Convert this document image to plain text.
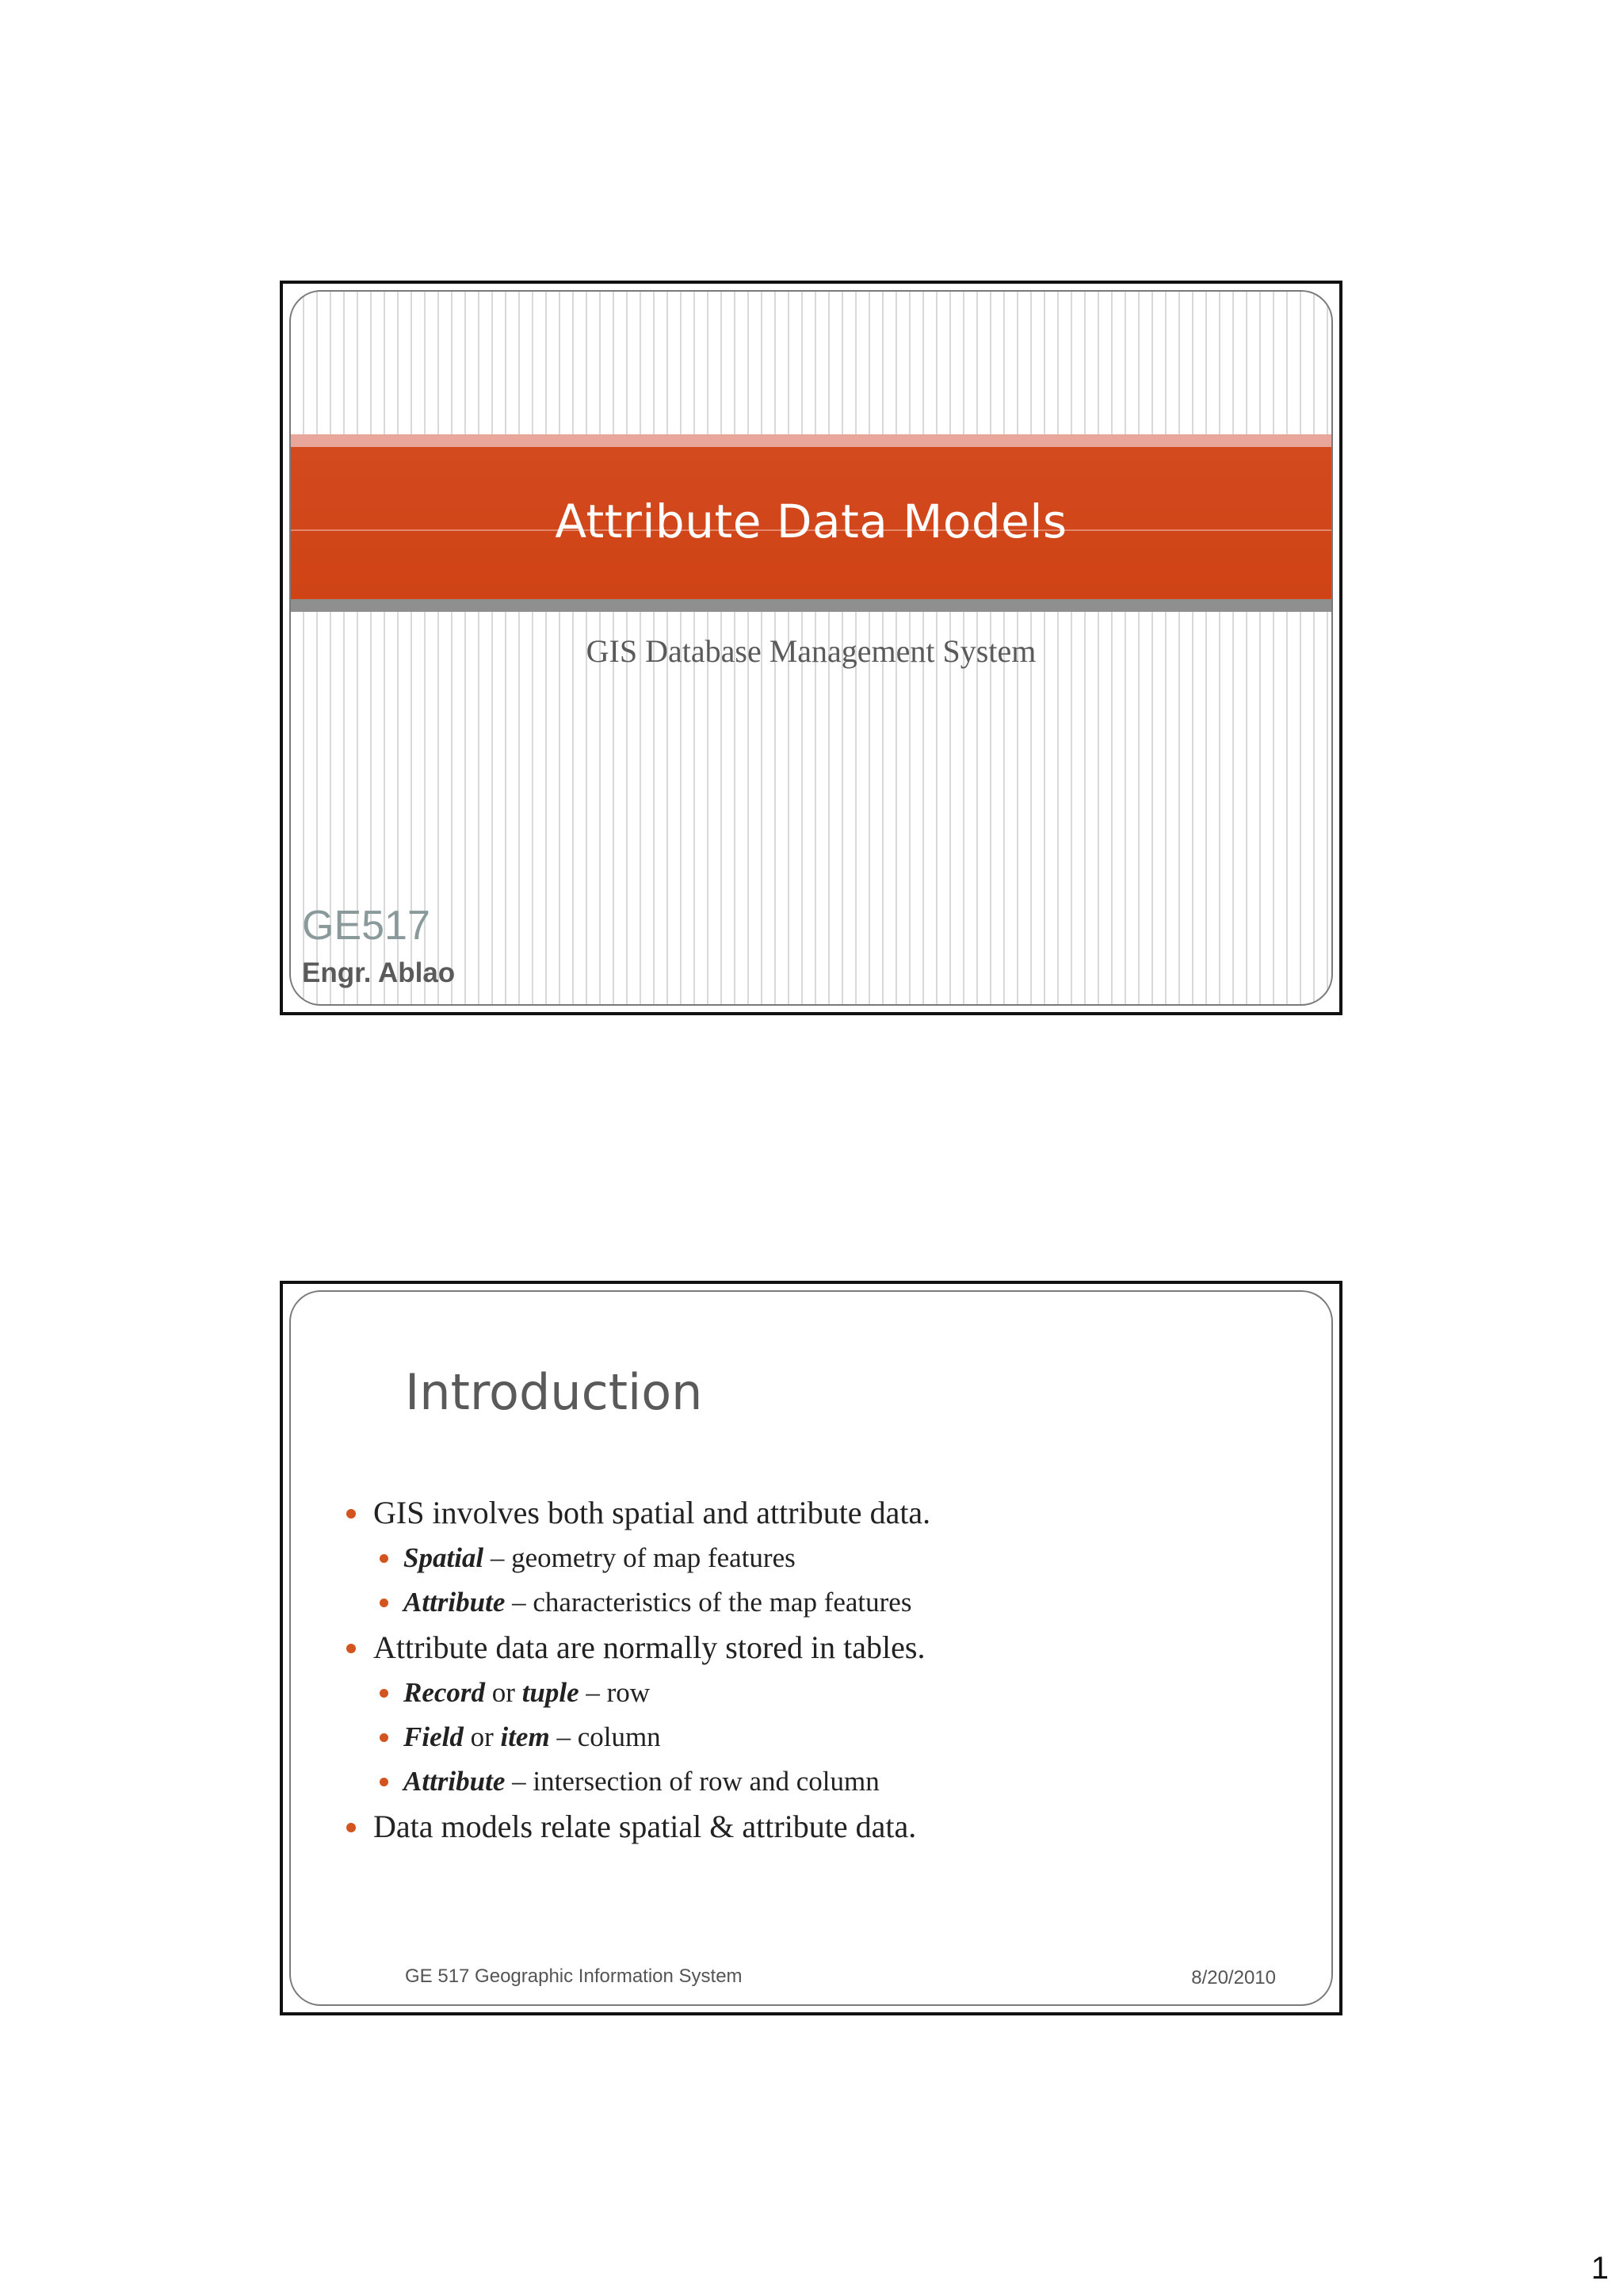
Attribute Data Models
GIS Database Management System
GE517
Engr. Ablao
Introduction
GIS involves both spatial and attribute data.
Spatial – geometry of map features
Attribute – characteristics of the map features
Attribute data are normally stored in tables.
Record or tuple – row
Field or item – column
Attribute – intersection of row and column
Data models relate spatial & attribute data.
GE 517 Geographic Information System	8/20/2010
1
